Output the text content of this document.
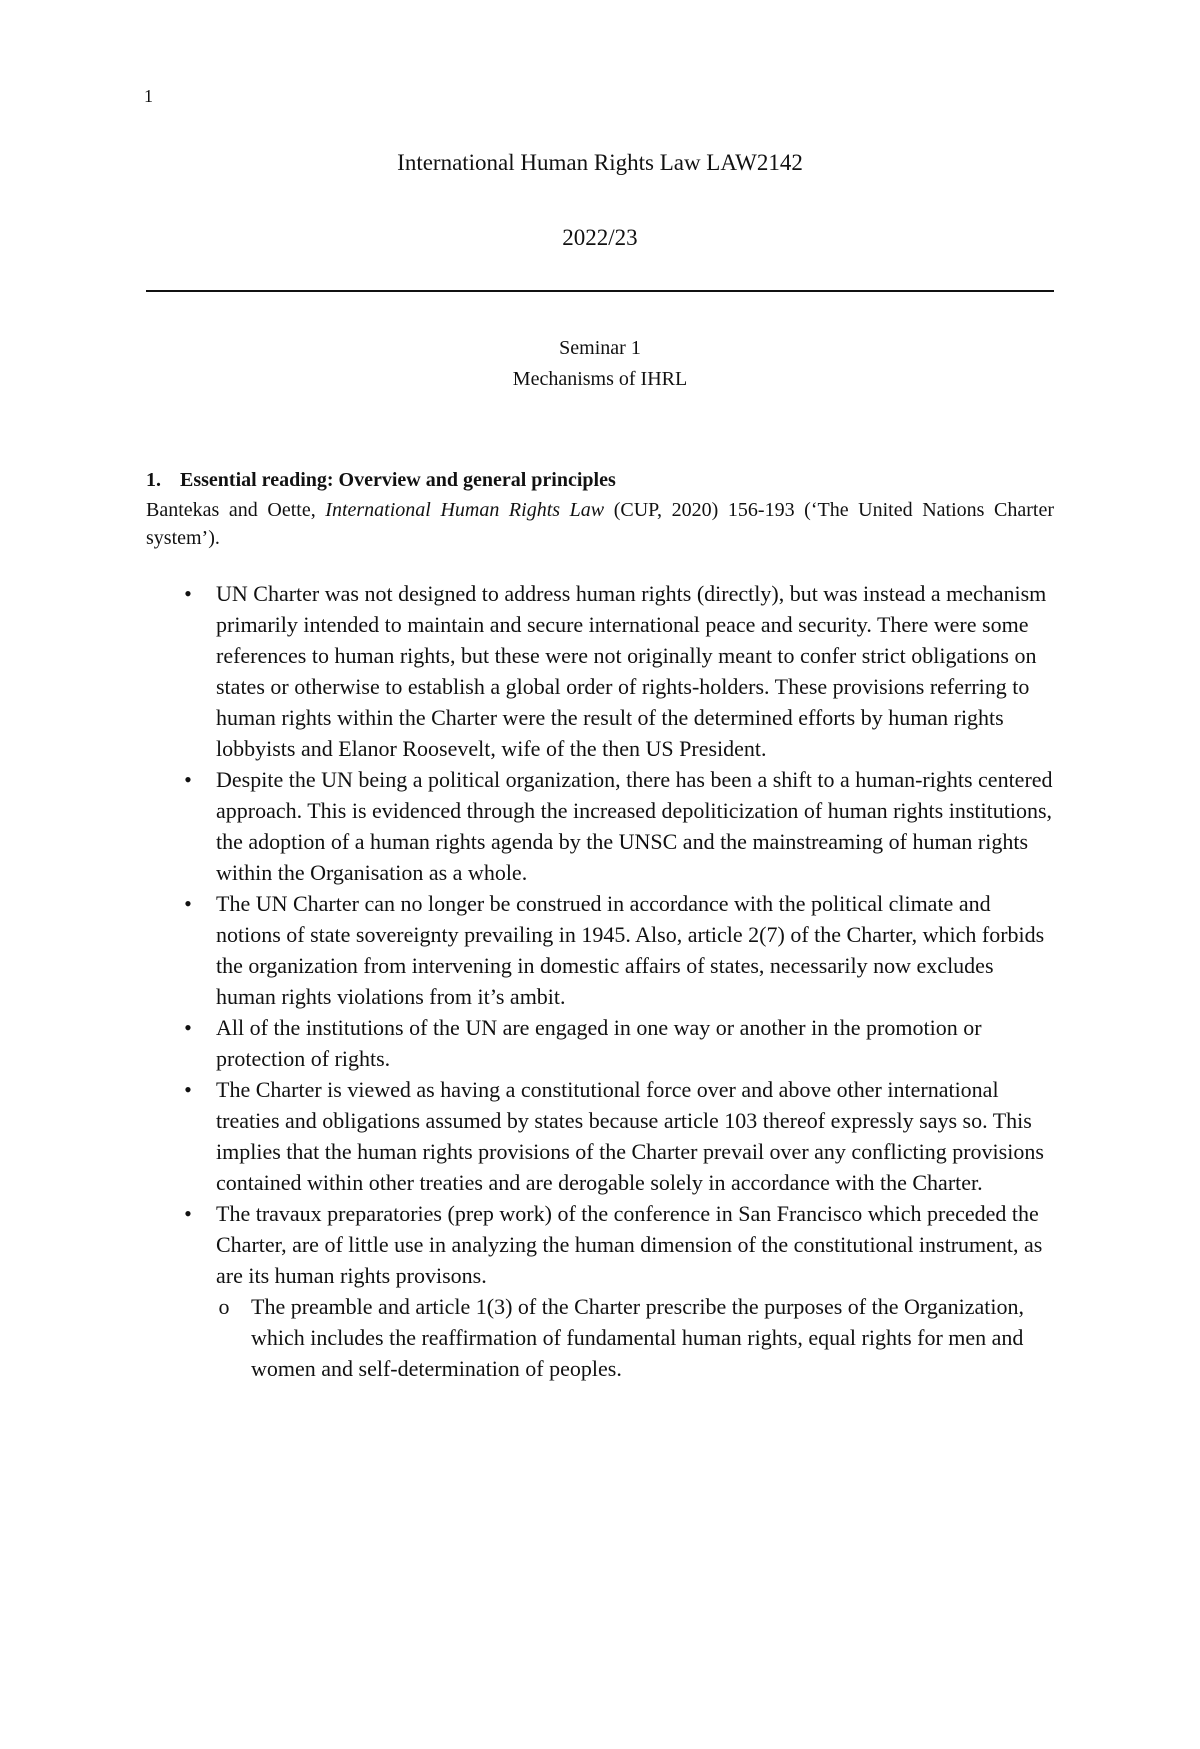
1
International Human Rights Law LAW2142
2022/23
Seminar 1
Mechanisms of IHRL
1. Essential reading: Overview and general principles
Bantekas and Oette, International Human Rights Law (CUP, 2020) 156-193 (‘The United Nations Charter system’).
• UN Charter was not designed to address human rights (directly), but was instead a mechanism primarily intended to maintain and secure international peace and security. There were some references to human rights, but these were not originally meant to confer strict obligations on states or otherwise to establish a global order of rights-holders. These provisions referring to human rights within the Charter were the result of the determined efforts by human rights lobbyists and Elanor Roosevelt, wife of the then US President.
• Despite the UN being a political organization, there has been a shift to a human-rights centered approach. This is evidenced through the increased depoliticization of human rights institutions, the adoption of a human rights agenda by the UNSC and the mainstreaming of human rights within the Organisation as a whole.
• The UN Charter can no longer be construed in accordance with the political climate and notions of state sovereignty prevailing in 1945. Also, article 2(7) of the Charter, which forbids the organization from intervening in domestic affairs of states, necessarily now excludes human rights violations from it’s ambit.
• All of the institutions of the UN are engaged in one way or another in the promotion or protection of rights.
• The Charter is viewed as having a constitutional force over and above other international treaties and obligations assumed by states because article 103 thereof expressly says so. This implies that the human rights provisions of the Charter prevail over any conflicting provisions contained within other treaties and are derogable solely in accordance with the Charter.
• The travaux preparatories (prep work) of the conference in San Francisco which preceded the Charter, are of little use in analyzing the human dimension of the constitutional instrument, as are its human rights provisons.
o The preamble and article 1(3) of the Charter prescribe the purposes of the Organization, which includes the reaffirmation of fundamental human rights, equal rights for men and women and self-determination of peoples.
